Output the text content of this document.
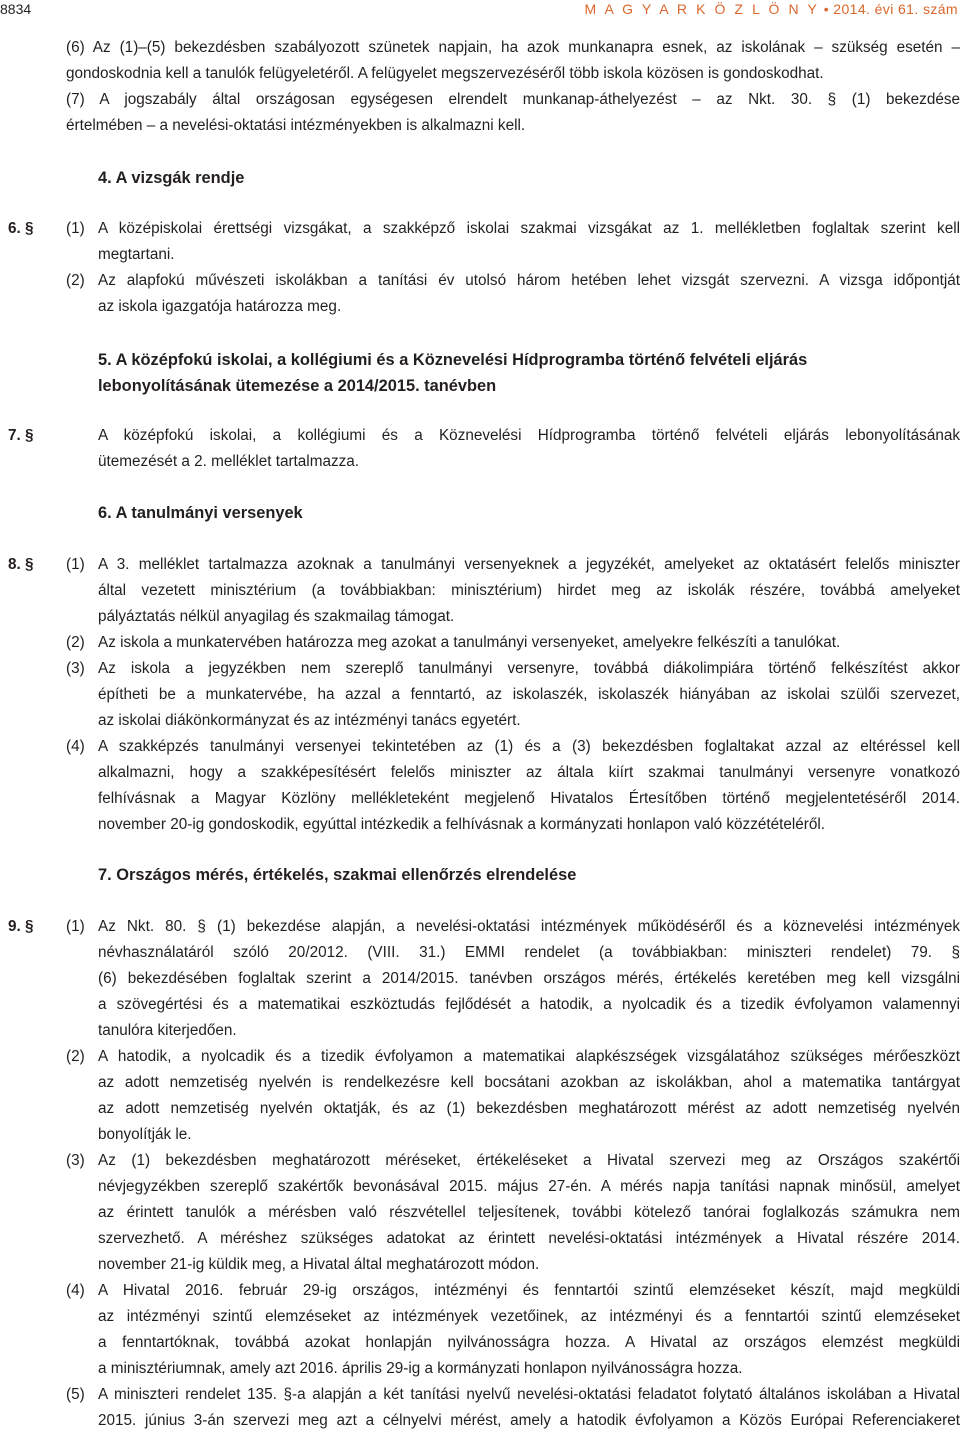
8834	M A G Y A R K Ö Z L Ö N Y • 2014. évi 61. szám
(6) Az (1)–(5) bekezdésben szabályozott szünetek napjain, ha azok munkanapra esnek, az iskolának – szükség esetén –
gondoskodnia kell a tanulók felügyeletéről. A felügyelet megszervezéséről több iskola közösen is gondoskodhat.
(7) A jogszabály által országosan egységesen elrendelt munkanap-áthelyezést – az Nkt. 30. § (1) bekezdése
értelmében – a nevelési-oktatási intézményekben is alkalmazni kell.
4. A vizsgák rendje
6. §	(1) A középiskolai érettségi vizsgákat, a szakképző iskolai szakmai vizsgákat az 1. mellékletben foglaltak szerint kell
megtartani.
(2) Az alapfokú művészeti iskolákban a tanítási év utolsó három hetében lehet vizsgát szervezni. A vizsga időpontját
az iskola igazgatója határozza meg.
5. A középfokú iskolai, a kollégiumi és a Köznevelési Hídprogramba történő felvételi eljárás
lebonyolításának ütemezése a 2014/2015. tanévben
7. §	A középfokú iskolai, a kollégiumi és a Köznevelési Hídprogramba történő felvételi eljárás lebonyolításának
ütemezését a 2. melléklet tartalmazza.
6. A tanulmányi versenyek
8. §	(1) A 3. melléklet tartalmazza azoknak a tanulmányi versenyeknek a jegyzékét, amelyeket az oktatásért felelős miniszter
által vezetett minisztérium (a továbbiakban: minisztérium) hirdet meg az iskolák részére, továbbá amelyeket
pályáztatás nélkül anyagilag és szakmailag támogat.
(2) Az iskola a munkatervében határozza meg azokat a tanulmányi versenyeket, amelyekre felkészíti a tanulókat.
(3) Az iskola a jegyzékben nem szereplő tanulmányi versenyre, továbbá diákolimpiára történő felkészítést akkor
építheti be a munkatervébe, ha azzal a fenntartó, az iskolaszék, iskolaszék hiányában az iskolai szülői szervezet,
az iskolai diákönkormányzat és az intézményi tanács egyetért.
(4) A szakképzés tanulmányi versenyei tekintetében az (1) és a (3) bekezdésben foglaltakat azzal az eltéréssel kell
alkalmazni, hogy a szakképesítésért felelős miniszter az általa kiírt szakmai tanulmányi versenyre vonatkozó
felhívásnak a Magyar Közlöny mellékleteként megjelenő Hivatalos Értesítőben történő megjelentetéséről 2014.
november 20-ig gondoskodik, egyúttal intézkedik a felhívásnak a kormányzati honlapon való közzétételéről.
7. Országos mérés, értékelés, szakmai ellenőrzés elrendelése
9. §	(1) Az Nkt. 80. § (1) bekezdése alapján, a nevelési-oktatási intézmények működéséről és a köznevelési intézmények
névhasználatáról szóló 20/2012. (VIII. 31.) EMMI rendelet (a továbbiakban: miniszteri rendelet) 79. §
(6) bekezdésében foglaltak szerint a 2014/2015. tanévben országos mérés, értékelés keretében meg kell vizsgálni
a szövegértési és a matematikai eszköztudás fejlődését a hatodik, a nyolcadik és a tizedik évfolyamon valamennyi
tanulóra kiterjedően.
(2) A hatodik, a nyolcadik és a tizedik évfolyamon a matematikai alapkészségek vizsgálatához szükséges mérőeszközt
az adott nemzetiség nyelvén is rendelkezésre kell bocsátani azokban az iskolákban, ahol a matematika tantárgyat
az adott nemzetiség nyelvén oktatják, és az (1) bekezdésben meghatározott mérést az adott nemzetiség nyelvén
bonyolítják le.
(3) Az (1) bekezdésben meghatározott méréseket, értékeléseket a Hivatal szervezi meg az Országos szakértői
névjegyzékben szereplő szakértők bevonásával 2015. május 27-én. A mérés napja tanítási napnak minősül, amelyet
az érintett tanulók a mérésben való részvétellel teljesítenek, további kötelező tanórai foglalkozás számukra nem
szervezhető. A méréshez szükséges adatokat az érintett nevelési-oktatási intézmények a Hivatal részére 2014.
november 21-ig küldik meg, a Hivatal által meghatározott módon.
(4) A Hivatal 2016. február 29-ig országos, intézményi és fenntartói szintű elemzéseket készít, majd megküldi
az intézményi szintű elemzéseket az intézmények vezetőinek, az intézményi és a fenntartói szintű elemzéseket
a fenntartóknak, továbbá azokat honlapján nyilvánosságra hozza. A Hivatal az országos elemzést megküldi
a minisztériumnak, amely azt 2016. április 29-ig a kormányzati honlapon nyilvánosságra hozza.
(5) A miniszteri rendelet 135. §-a alapján a két tanítási nyelvű nevelési-oktatási feladatot folytató általános iskolában a Hivatal
2015. június 3-án szervezi meg azt a célnyelvi mérést, amely a hatodik évfolyamon a Közös Európai Referenciakeret
